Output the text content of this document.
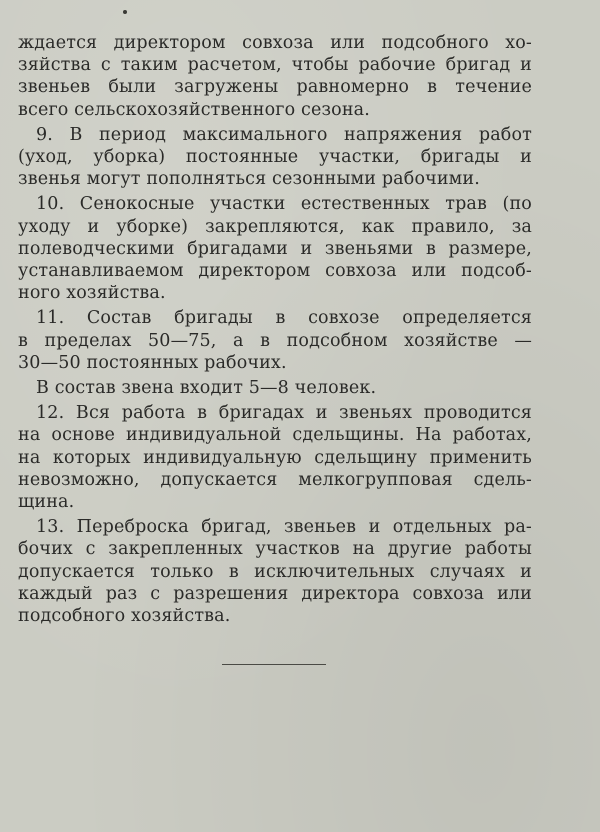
ждается директором совхоза или подсобного хо-
зяйства с таким расчетом, чтобы рабочие бригад и
звеньев были загружены равномерно в течение
всего сельскохозяйственного сезона.
9. В период максимального напряжения работ
(уход, уборка) постоянные участки, бригады и
звенья могут пополняться сезонными рабочими.
10. Сенокосные участки естественных трав (по
уходу и уборке) закрепляются, как правило, за
полеводческими бригадами и звеньями в размере,
устанавливаемом директором совхоза или подсоб-
ного хозяйства.
11. Состав бригады в совхозе определяется
в пределах 50—75, а в подсобном хозяйстве —
30—50 постоянных рабочих.
В состав звена входит 5—8 человек.
12. Вся работа в бригадах и звеньях проводится
на основе индивидуальной сдельщины. На работах,
на которых индивидуальную сдельщину применить
невозможно, допускается мелкогрупповая сдель-
щина.
13. Переброска бригад, звеньев и отдельных ра-
бочих с закрепленных участков на другие работы
допускается только в исключительных случаях и
каждый раз с разрешения директора совхоза или
подсобного хозяйства.
